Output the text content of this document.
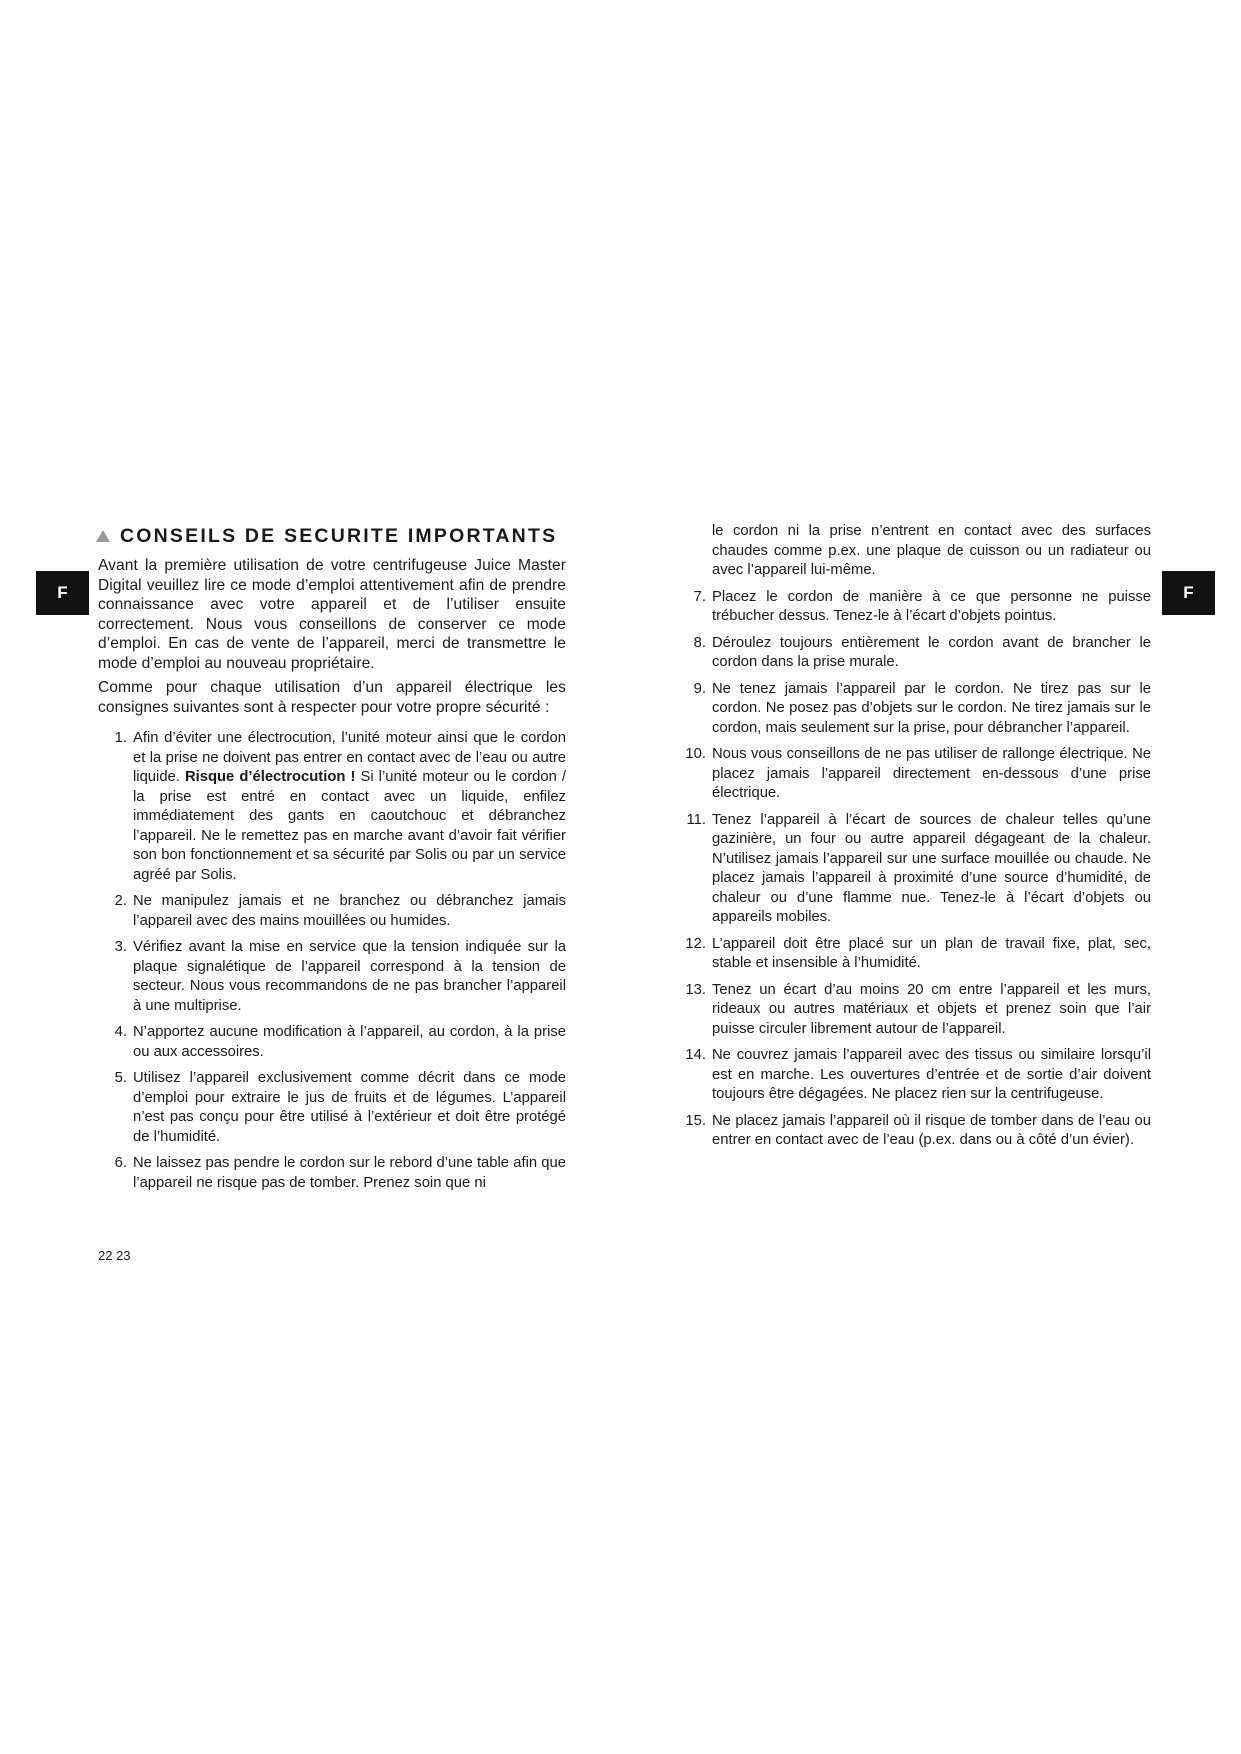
F	F
CONSEILS DE SECURITE IMPORTANTS

Avant la première utilisation de votre centrifugeuse Juice Master Digital veuillez lire ce mode d’emploi attentivement afin de prendre connaissance avec votre appareil et de l’utiliser ensuite correctement. Nous vous conseillons de conserver ce mode d’emploi. En cas de vente de l’appareil, merci de transmettre le mode d’emploi au nouveau propriétaire.

Comme pour chaque utilisation d’un appareil électrique les consignes suivantes sont à respecter pour votre propre sécurité :

1. Afin d’éviter une électrocution, l’unité moteur ainsi que le cordon et la prise ne doivent pas entrer en contact avec de l’eau ou autre liquide. Risque d’électrocution ! Si l’unité moteur ou le cordon / la prise est entré en contact avec un liquide, enfilez immédiatement des gants en caoutchouc et débranchez l’appareil. Ne le remettez pas en marche avant d’avoir fait vérifier son bon fonctionnement et sa sécurité par Solis ou par un service agréé par Solis.
2. Ne manipulez jamais et ne branchez ou débranchez jamais l’appareil avec des mains mouillées ou humides.
3. Vérifiez avant la mise en service que la tension indiquée sur la plaque signalétique de l’appareil correspond à la tension de secteur. Nous vous recommandons de ne pas brancher l’appareil à une multiprise.
4. N’apportez aucune modification à l’appareil, au cordon, à la prise ou aux accessoires.
5. Utilisez l’appareil exclusivement comme décrit dans ce mode d’emploi pour extraire le jus de fruits et de légumes. L’appareil n’est pas conçu pour être utilisé à l’extérieur et doit être protégé de l’humidité.
6. Ne laissez pas pendre le cordon sur le rebord d’une table afin que l’appareil ne risque pas de tomber. Prenez soin que ni

le cordon ni la prise n’entrent en contact avec des surfaces chaudes comme p.ex. une plaque de cuisson ou un radiateur ou avec l’appareil lui-même.

7. Placez le cordon de manière à ce que personne ne puisse trébucher dessus. Tenez-le à l’écart d’objets pointus.
8. Déroulez toujours entièrement le cordon avant de brancher le cordon dans la prise murale.
9. Ne tenez jamais l’appareil par le cordon. Ne tirez pas sur le cordon. Ne posez pas d’objets sur le cordon. Ne tirez jamais sur le cordon, mais seulement sur la prise, pour débrancher l’appareil.
10. Nous vous conseillons de ne pas utiliser de rallonge électrique. Ne placez jamais l’appareil directement en-dessous d’une prise électrique.
11. Tenez l’appareil à l’écart de sources de chaleur telles qu’une gazinière, un four ou autre appareil dégageant de la chaleur. N’utilisez jamais l’appareil sur une surface mouillée ou chaude. Ne placez jamais l’appareil à proximité d’une source d’humidité, de chaleur ou d’une flamme nue. Tenez-le à l’écart d’objets ou appareils mobiles.
12. L’appareil doit être placé sur un plan de travail fixe, plat, sec, stable et insensible à l’humidité.
13. Tenez un écart d’au moins 20 cm entre l’appareil et les murs, rideaux ou autres matériaux et objets et prenez soin que l’air puisse circuler librement autour de l’appareil.
14. Ne couvrez jamais l’appareil avec des tissus ou similaire lorsqu’il est en marche. Les ouvertures d’entrée et de sortie d’air doivent toujours être dégagées. Ne placez rien sur la centrifugeuse.
15. Ne placez jamais l’appareil où il risque de tomber dans de l’eau ou entrer en contact avec de l’eau (p.ex. dans ou à côté d’un évier).
22 23
